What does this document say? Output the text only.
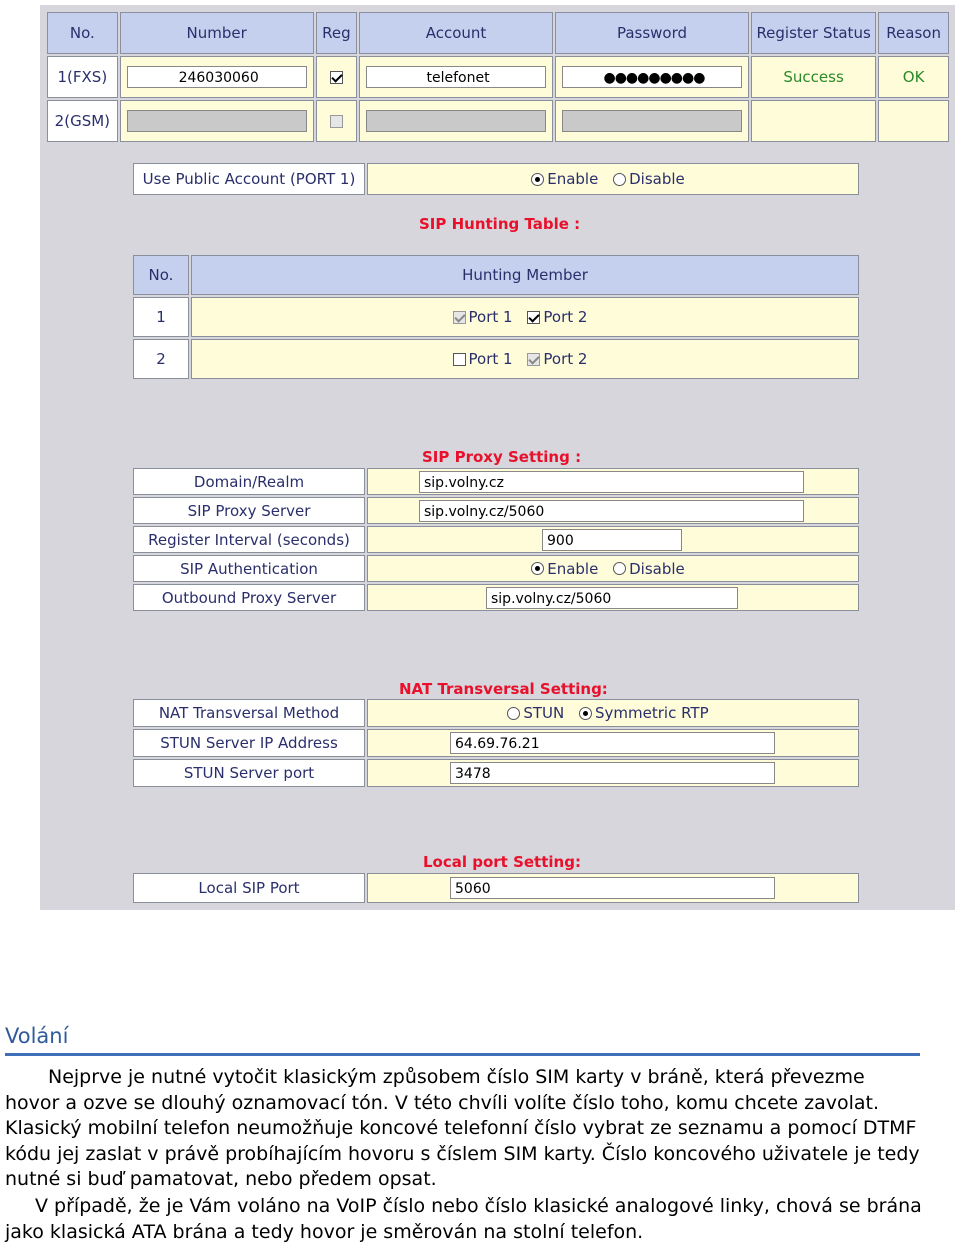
No.	Number	Reg	Account	Password	Register Status	Reason
1(FXS)	246030060		telefonet	●●●●●●●●●	Success	OK
2(GSM)						
Use Public Account (PORT 1)	Enable Disable
SIP Hunting Table :
No.	Hunting Member
1	Port 1 Port 2
2	Port 1 Port 2
SIP Proxy Setting :
Domain/Realm	sip.volny.cz
SIP Proxy Server	sip.volny.cz/5060
Register Interval (seconds)	900
SIP Authentication	Enable Disable
Outbound Proxy Server	sip.volny.cz/5060
NAT Transversal Setting:
NAT Transversal Method	STUN Symmetric RTP
STUN Server IP Address	64.69.76.21
STUN Server port	3478
Local port Setting:
Local SIP Port	5060
Volání

Nejprve je nutné vytočit klasickým způsobem číslo SIM karty v bráně, která převezme hovor a ozve se dlouhý oznamovací tón. V této chvíli volíte číslo toho, komu chcete zavolat. Klasický mobilní telefon neumožňuje koncové telefonní číslo vybrat ze seznamu a pomocí DTMF kódu jej zaslat v právě probíhajícím hovoru s číslem SIM karty. Číslo koncového uživatele je tedy nutné si buď pamatovat, nebo předem opsat.

V případě, že je Vám voláno na VoIP číslo nebo číslo klasické analogové linky, chová se brána jako klasická ATA brána a tedy hovor je směrován na stolní telefon.
